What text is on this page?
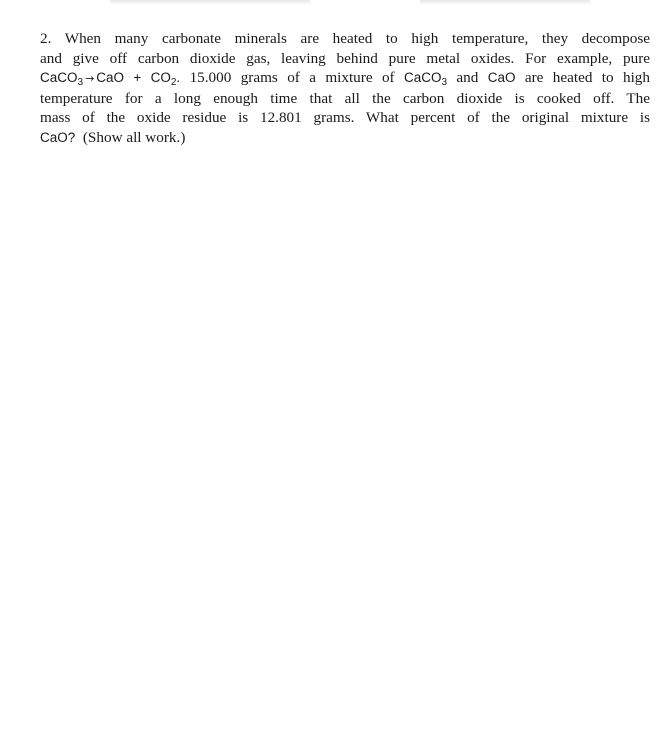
2. When many carbonate minerals are heated to high temperature, they decompose
and give off carbon dioxide gas, leaving behind pure metal oxides. For example, pure
CaCO$_3$ → CaO + $CO_2$. 15.000 grams of a mixture of CaCO$_3$ and CaO are heated to high
temperature for a long enough time that all the carbon dioxide is cooked off. The
mass of the oxide residue is 12.801 grams. What percent of the original mixture is
CaO? (Show all work.)
